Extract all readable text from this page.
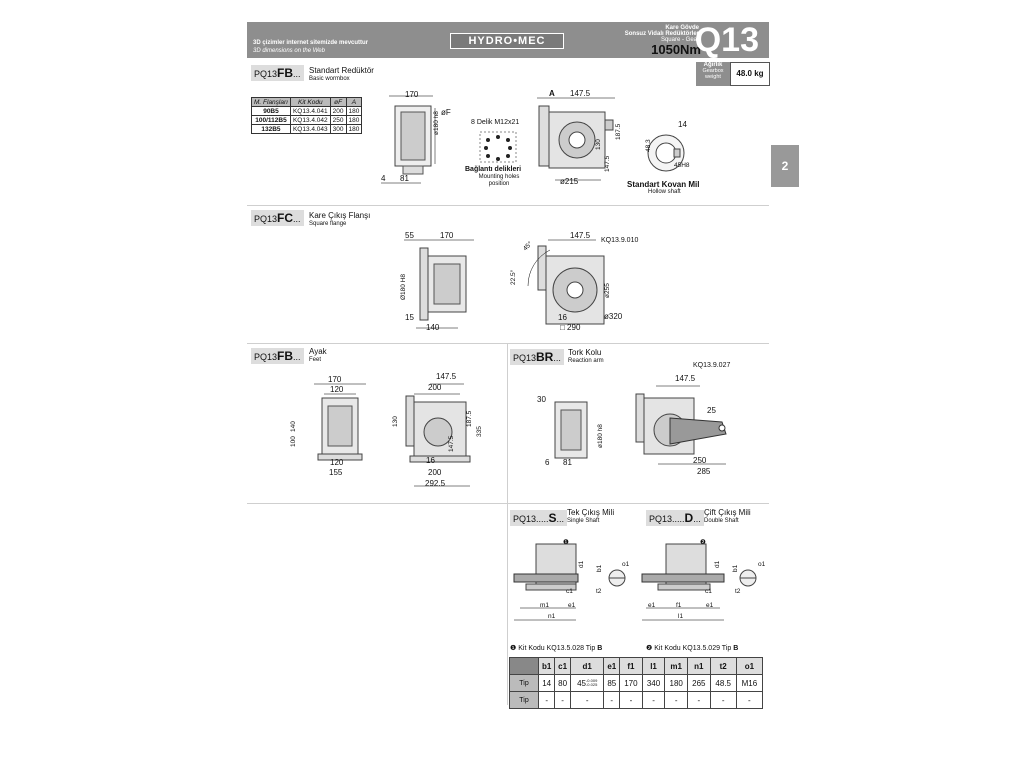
3D çizimler internet sitemizde mevcuttur
3D dimensions on the Web
HYDRO•MEC
Kare Gövde
Sonsuz Vidalı Redüktörler
Square - Gear
1050Nm
Q13
Ağırlık
Gearbox weight	48.0 kg
2
PQ13FB...	Standart Redüktör
Basic wormbox
M. Flanşları	Kit Kodu	øF	A
90B5	KQ13.4.041	200	180
100/112B5	KQ13.4.042	250	180
132B5	KQ13.4.043	300	180
170
øF
ø180 h8
4 81
8 Delik M12x21
Bağlantı delikleri
Mounting holes position
A 147.5
130
187.5
147.5
ø215
14
48.3
45H8
Standart Kovan Mil
Hollow shaft
PQ13FC...	Kare Çıkış Flanşı
Square flange
55	170
Ø180 H8
15
140
45°
22.5°
147.5
KQ13.9.010
ø255
16
□ 290
ø320
PQ13FB...
Ayak
Feet
170
120
140
100
120
155
147.5
200
130	187.5
147.5
335
16
200
292.5
PQ13BR...
Tork Kolu
Reaction arm
30
ø180 h8
6 81
KQ13.9.027
147.5
25
250
285
PQ13.....S...
Tek Çıkış Mili
Single Shaft	PQ13.....D...
Çift Çıkış Mili
Double Shaft
❶
d1
b1
o1
t2
c1
m1	e1
n1
❷
d1
b1
o1
t2
c1
e1	f1	e1
l1
❶ Kit Kodu KQ13.5.028 Tip B	❷ Kit Kodu KQ13.5.029 Tip B
	b1	c1	d1	e1	f1	l1	m1	n1	t2	o1
Tip	14	80	45-0.009
-0.025	85	170	340	180	265	48.5	M16
Tip	-	-	-	-	-	-	-	-	-	-
